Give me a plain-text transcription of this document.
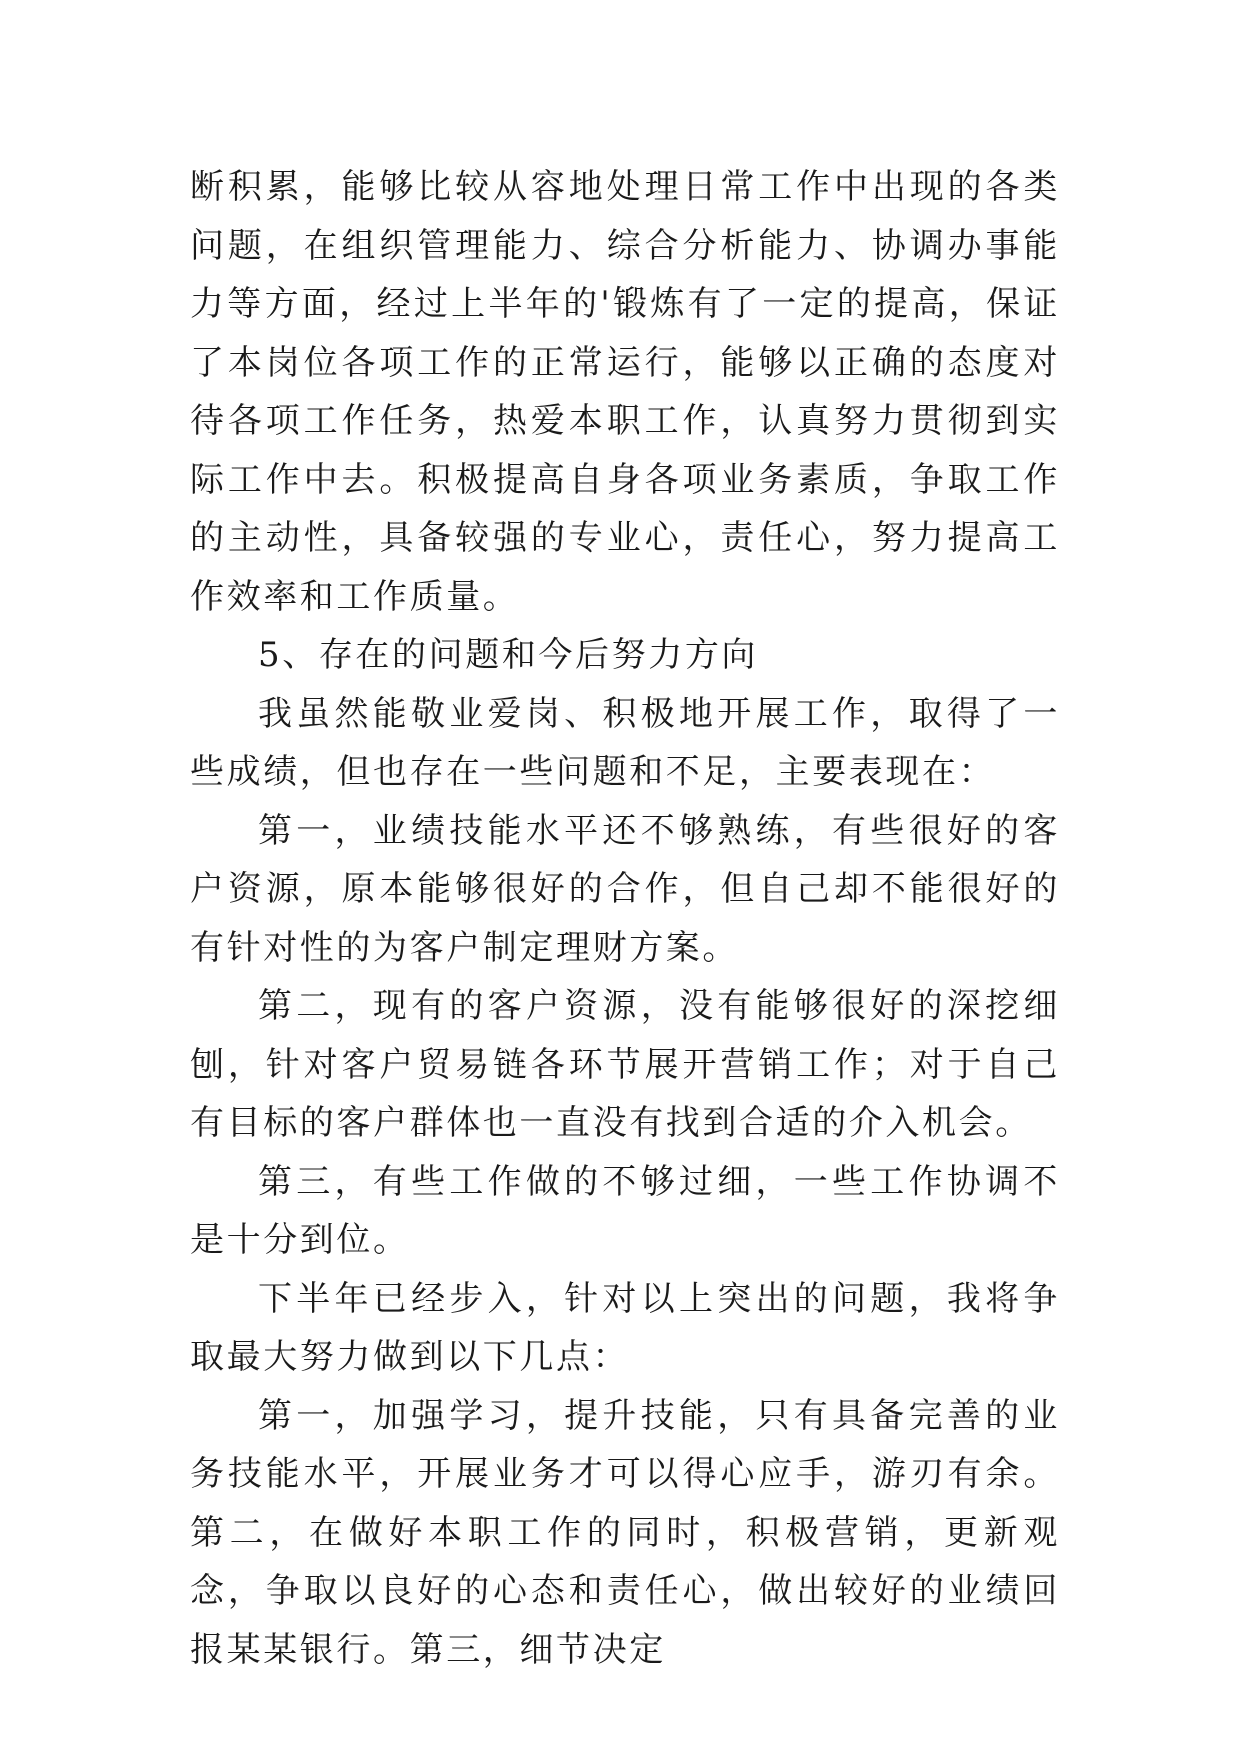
断积累，能够比较从容地处理日常工作中出现的各类问题，在组织管理能力、综合分析能力、协调办事能力等方面，经过上半年的'锻炼有了一定的提高，保证了本岗位各项工作的正常运行，能够以正确的态度对待各项工作任务，热爱本职工作，认真努力贯彻到实际工作中去。积极提高自身各项业务素质，争取工作的主动性，具备较强的专业心，责任心，努力提高工作效率和工作质量。

5、存在的问题和今后努力方向

我虽然能敬业爱岗、积极地开展工作，取得了一些成绩，但也存在一些问题和不足，主要表现在：

第一，业绩技能水平还不够熟练，有些很好的客户资源，原本能够很好的合作，但自己却不能很好的有针对性的为客户制定理财方案。

第二，现有的客户资源，没有能够很好的深挖细刨，针对客户贸易链各环节展开营销工作；对于自己有目标的客户群体也一直没有找到合适的介入机会。

第三，有些工作做的不够过细，一些工作协调不是十分到位。

下半年已经步入，针对以上突出的问题，我将争取最大努力做到以下几点：

第一，加强学习，提升技能，只有具备完善的业务技能水平，开展业务才可以得心应手，游刃有余。第二，在做好本职工作的同时，积极营销，更新观念，争取以良好的心态和责任心，做出较好的业绩回报某某银行。第三，细节决定
